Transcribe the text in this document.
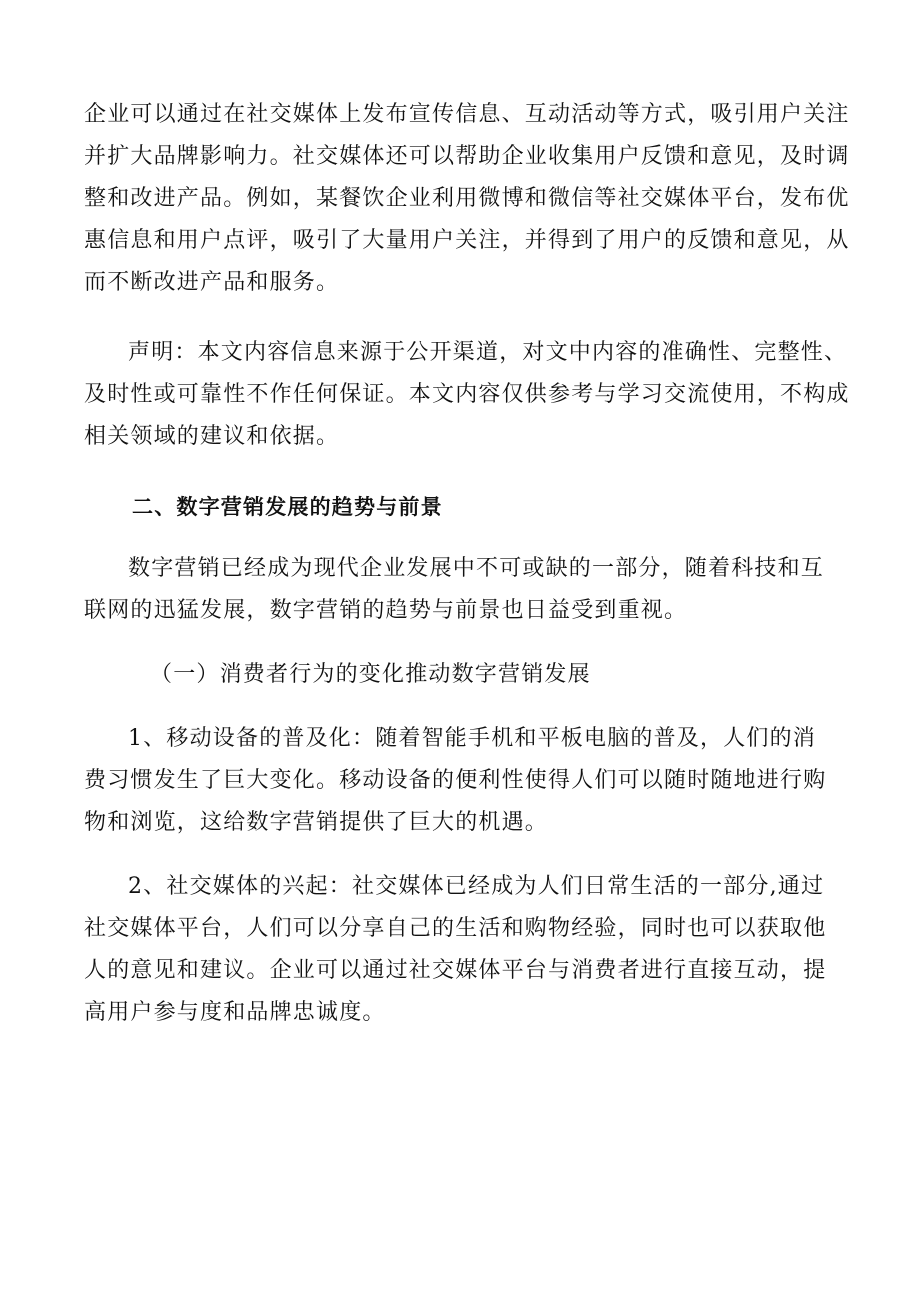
企业可以通过在社交媒体上发布宣传信息、互动活动等方式，吸引用户关注
并扩大品牌影响力。社交媒体还可以帮助企业收集用户反馈和意见，及时调
整和改进产品。例如，某餐饮企业利用微博和微信等社交媒体平台，发布优
惠信息和用户点评，吸引了大量用户关注，并得到了用户的反馈和意见，从
而不断改进产品和服务。

声明：本文内容信息来源于公开渠道，对文中内容的准确性、完整性、
及时性或可靠性不作任何保证。本文内容仅供参考与学习交流使用，不构成
相关领域的建议和依据。

二、数字营销发展的趋势与前景

数字营销已经成为现代企业发展中不可或缺的一部分，随着科技和互
联网的迅猛发展，数字营销的趋势与前景也日益受到重视。

（一）消费者行为的变化推动数字营销发展

1、移动设备的普及化：随着智能手机和平板电脑的普及，人们的消
费习惯发生了巨大变化。移动设备的便利性使得人们可以随时随地进行购
物和浏览，这给数字营销提供了巨大的机遇。

2、社交媒体的兴起：社交媒体已经成为人们日常生活的一部分,通过
社交媒体平台，人们可以分享自己的生活和购物经验，同时也可以获取他
人的意见和建议。企业可以通过社交媒体平台与消费者进行直接互动，提
高用户参与度和品牌忠诚度。
